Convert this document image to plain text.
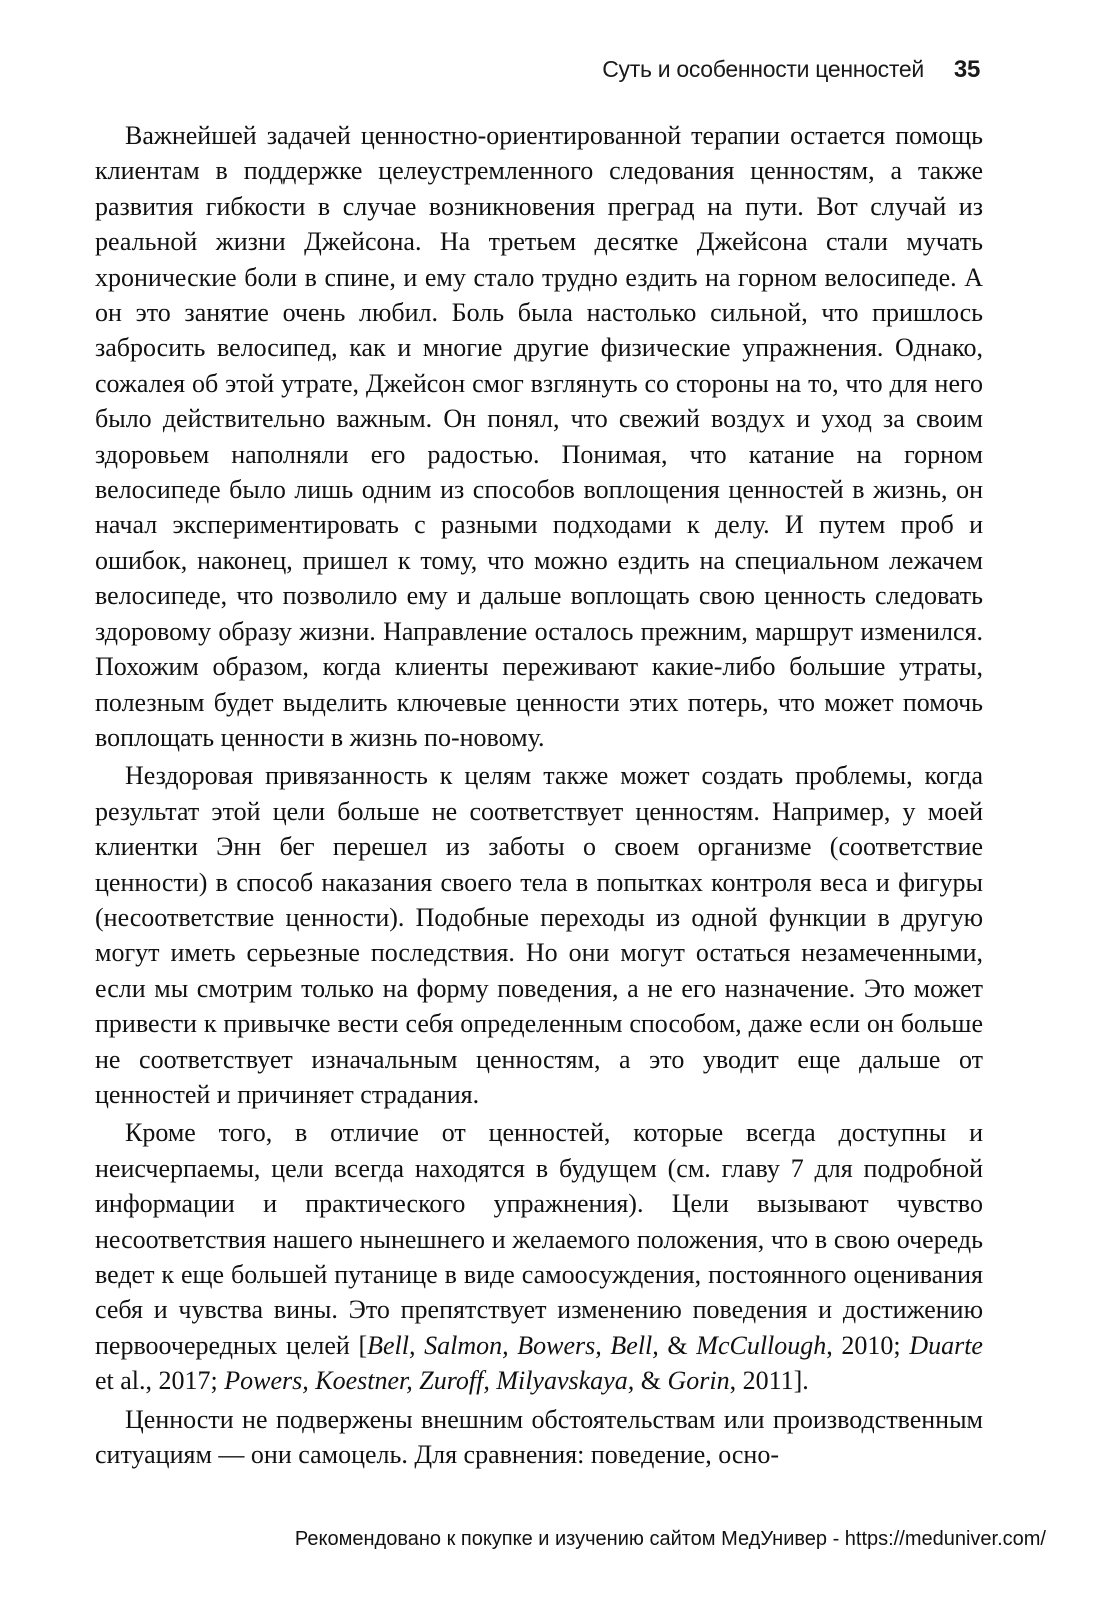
Суть и особенности ценностей 35

Важнейшей задачей ценностно-ориентированной терапии остается помощь клиентам в поддержке целеустремленного следования ценностям, а также развития гибкости в случае возникновения преград на пути. Вот случай из реальной жизни Джейсона. На третьем десятке Джейсона стали мучать хронические боли в спине, и ему стало трудно ездить на горном велосипеде. А он это занятие очень любил. Боль была настолько сильной, что пришлось забросить велосипед, как и многие другие физические упражнения. Однако, сожалея об этой утрате, Джейсон смог взглянуть со стороны на то, что для него было действительно важным. Он понял, что свежий воздух и уход за своим здоровьем наполняли его радостью. Понимая, что катание на горном велосипеде было лишь одним из способов воплощения ценностей в жизнь, он начал экспериментировать с разными подходами к делу. И путем проб и ошибок, наконец, пришел к тому, что можно ездить на специальном лежачем велосипеде, что позволило ему и дальше воплощать свою ценность следовать здоровому образу жизни. Направление осталось прежним, маршрут изменился. Похожим образом, когда клиенты переживают какие-либо большие утраты, полезным будет выделить ключевые ценности этих потерь, что может помочь воплощать ценности в жизнь по-новому.

Нездоровая привязанность к целям также может создать проблемы, когда результат этой цели больше не соответствует ценностям. Например, у моей клиентки Энн бег перешел из заботы о своем организме (соответствие ценности) в способ наказания своего тела в попытках контроля веса и фигуры (несоответствие ценности). Подобные переходы из одной функции в другую могут иметь серьезные последствия. Но они могут остаться незамеченными, если мы смотрим только на форму поведения, а не его назначение. Это может привести к привычке вести себя определенным способом, даже если он больше не соответствует изначальным ценностям, а это уводит еще дальше от ценностей и причиняет страдания.

Кроме того, в отличие от ценностей, которые всегда доступны и неисчерпаемы, цели всегда находятся в будущем (см. главу 7 для подробной информации и практического упражнения). Цели вызывают чувство несоответствия нашего нынешнего и желаемого положения, что в свою очередь ведет к еще большей путанице в виде самоосуждения, постоянного оценивания себя и чувства вины. Это препятствует изменению поведения и достижению первоочередных целей [Bell, Salmon, Bowers, Bell, & McCullough, 2010; Duarte et al., 2017; Powers, Koestner, Zuroff, Milyavskaya, & Gorin, 2011].

Ценности не подвержены внешним обстоятельствам или производственным ситуациям — они самоцель. Для сравнения: поведение, осно-

Рекомендовано к покупке и изучению сайтом МедУнивер - https://meduniver.com/
